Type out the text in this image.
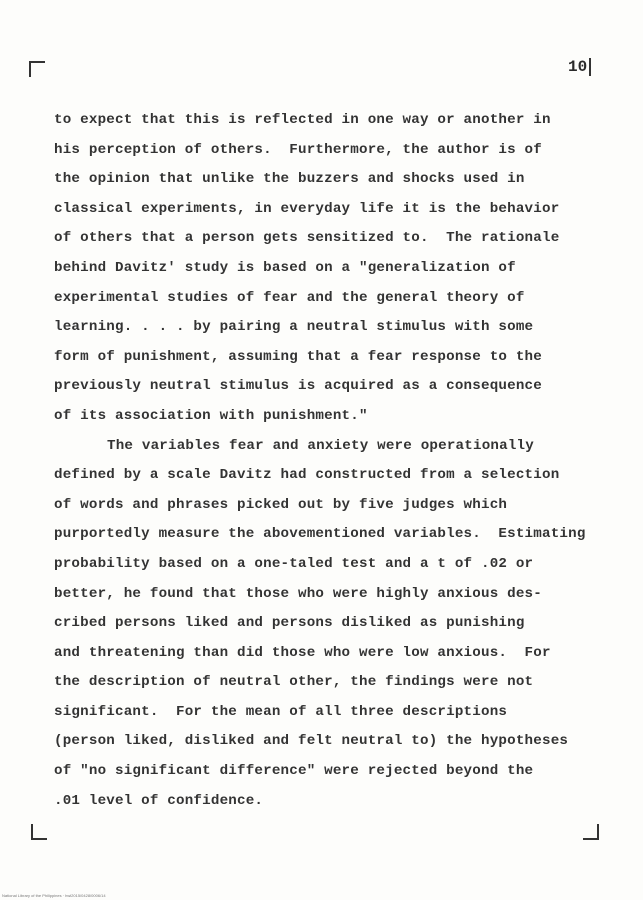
10
to expect that this is reflected in one way or another in
his perception of others.  Furthermore, the author is of
the opinion that unlike the buzzers and shocks used in
classical experiments, in everyday life it is the behavior
of others that a person gets sensitized to.  The rationale
behind Davitz' study is based on a "generalization of
experimental studies of fear and the general theory of
learning. . . . by pairing a neutral stimulus with some
form of punishment, assuming that a fear response to the
previously neutral stimulus is acquired as a consequence
of its association with punishment."
The variables fear and anxiety were operationally
defined by a scale Davitz had constructed from a selection
of words and phrases picked out by five judges which
purportedly measure the abovementioned variables.  Estimating
probability based on a one-taled test and a t of .02 or
better, he found that those who were highly anxious des-
cribed persons liked and persons disliked as punishing
and threatening than did those who were low anxious.  For
the description of neutral other, the findings were not
significant.  For the mean of all three descriptions
(person liked, disliked and felt neutral to) the hypotheses
of "no significant difference" were rejected beyond the
.01 level of confidence.
National Library of the Philippines · hwl2015/0428/0006/14
